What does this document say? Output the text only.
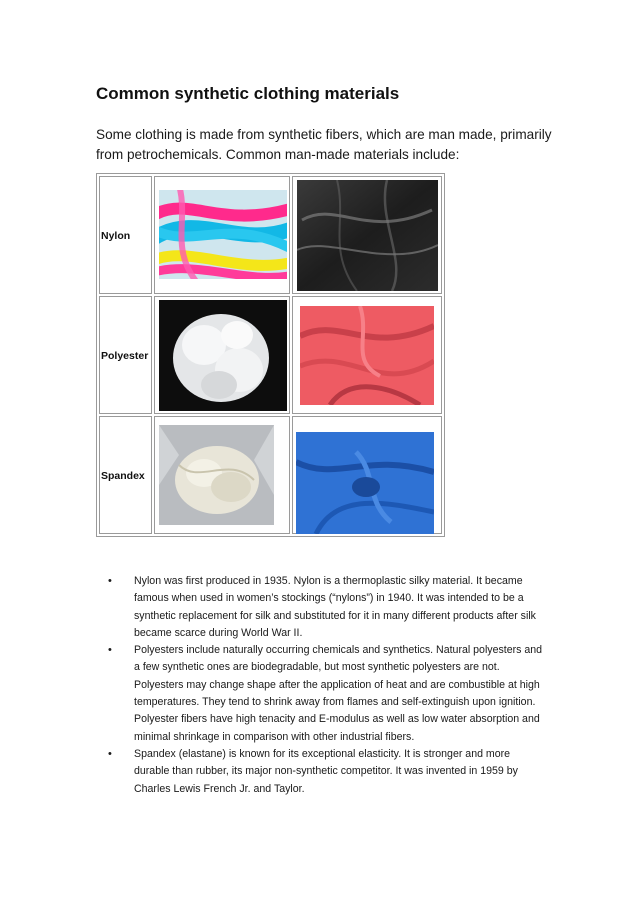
Common synthetic clothing materials

Some clothing is made from synthetic fibers, which are man made, primarily from petrochemicals. Common man-made materials include:

Nylon	

Polyester	

Spandex	

• Nylon was first produced in 1935. Nylon is a thermoplastic silky material. It became famous when used in women’s stockings (“nylons”) in 1940. It was intended to be a synthetic replacement for silk and substituted for it in many different products after silk became scarce during World War II.
• Polyesters include naturally occurring chemicals and synthetics. Natural polyesters and a few synthetic ones are biodegradable, but most synthetic polyesters are not. Polyesters may change shape after the application of heat and are combustible at high temperatures. They tend to shrink away from flames and self-extinguish upon ignition. Polyester fibers have high tenacity and E-modulus as well as low water absorption and minimal shrinkage in comparison with other industrial fibers.
• Spandex (elastane) is known for its exceptional elasticity. It is stronger and more durable than rubber, its major non-synthetic competitor. It was invented in 1959 by Charles Lewis French Jr. and Taylor.
